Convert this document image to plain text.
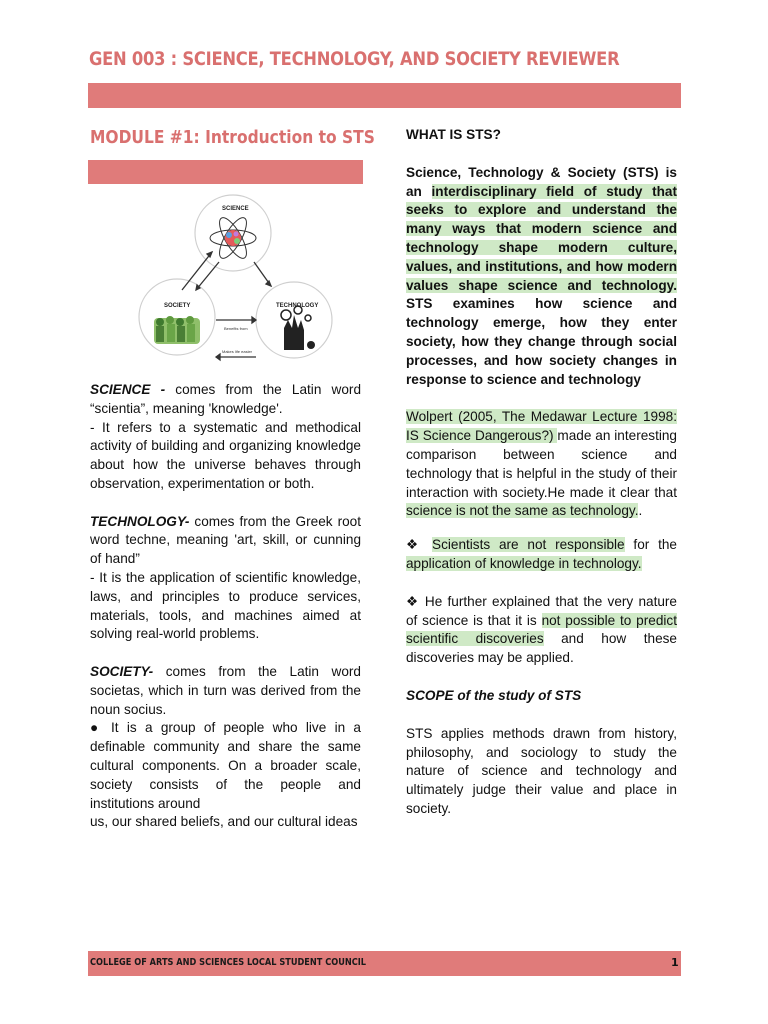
GEN 003 : SCIENCE, TECHNOLOGY, AND SOCIETY REVIEWER
MODULE #1: Introduction to STS
SCIENCE
SOCIETY	TECHNOLOGY
Benefits from
Makes life easier

SCIENCE - comes from the Latin word “scientia”, meaning 'knowledge'.

- It refers to a systematic and methodical activity of building and organizing knowledge about how the universe behaves through observation, experimentation or both.

TECHNOLOGY- comes from the Greek root word techne, meaning 'art, skill, or cunning of hand”

- It is the application of scientific knowledge, laws, and principles to produce services, materials, tools, and machines aimed at solving real-world problems.

SOCIETY- comes from the Latin word societas, which in turn was derived from the noun socius.

● It is a group of people who live in a definable community and share the same cultural components. On a broader scale, society consists of the people and institutions around

us, our shared beliefs, and our cultural ideas

WHAT IS STS?

Science, Technology & Society (STS) is an interdisciplinary field of study that seeks to explore and understand the many ways that modern science and technology shape modern culture, values, and institutions, and how modern values shape science and technology. STS examines how science and technology emerge, how they enter society, how they change through social processes, and how society changes in response to science and technology

Wolpert (2005, The Medawar Lecture 1998: IS Science Dangerous?) made an interesting comparison between science and technology that is helpful in the study of their interaction with society.He made it clear that science is not the same as technology..

❖ Scientists are not responsible for the application of knowledge in technology.

❖ He further explained that the very nature of science is that it is not possible to predict scientific discoveries and how these discoveries may be applied.

SCOPE of the study of STS

STS applies methods drawn from history, philosophy, and sociology to study the nature of science and technology and ultimately judge their value and place in society.

COLLEGE OF ARTS AND SCIENCES LOCAL STUDENT COUNCIL	1
